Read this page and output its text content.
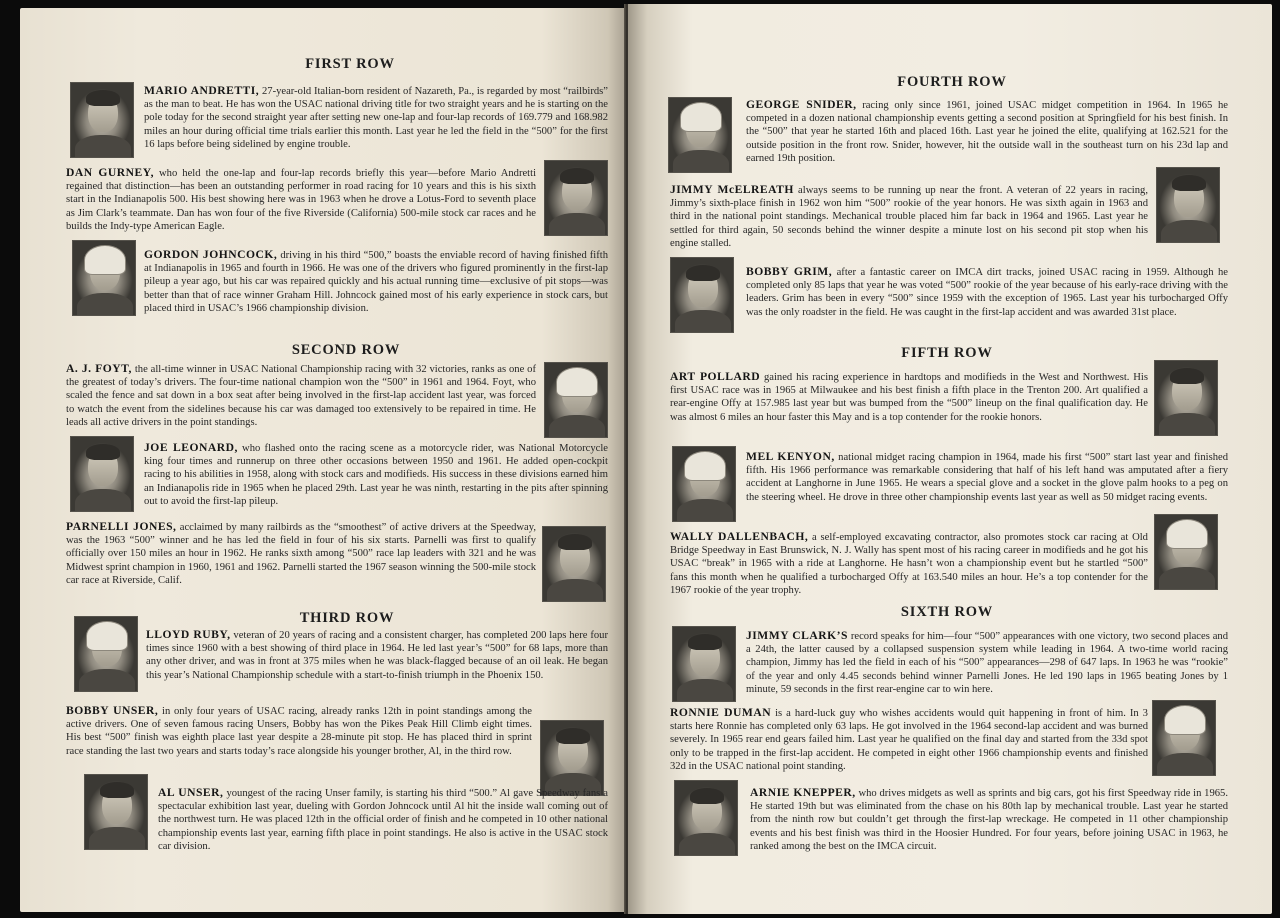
FIRST ROW
MARIO ANDRETTI, 27-year-old Italian-born resident of Nazareth, Pa., is regarded by most “railbirds” as the man to beat. He has won the USAC national driving title for two straight years and he is starting on the pole today for the second straight year after setting new one-lap and four-lap records of 169.779 and 168.982 miles an hour during official time trials earlier this month. Last year he led the field in the “500” for the first 16 laps before being sidelined by engine trouble.
DAN GURNEY, who held the one-lap and four-lap records briefly this year—before Mario Andretti regained that distinction—has been an outstanding performer in road racing for 10 years and this is his sixth start in the Indianapolis 500. His best showing here was in 1963 when he drove a Lotus-Ford to seventh place as Jim Clark’s teammate. Dan has won four of the five Riverside (California) 500-mile stock car races and he builds the Indy-type American Eagle.
GORDON JOHNCOCK, driving in his third “500,” boasts the enviable record of having finished fifth at Indianapolis in 1965 and fourth in 1966. He was one of the drivers who figured prominently in the first-lap pileup a year ago, but his car was repaired quickly and his actual running time—exclusive of pit stops—was better than that of race winner Graham Hill. Johncock gained most of his early experience in stock cars, but placed third in USAC’s 1966 championship division.
SECOND ROW
A. J. FOYT, the all-time winner in USAC National Championship racing with 32 victories, ranks as one of the greatest of today’s drivers. The four-time national champion won the “500” in 1961 and 1964. Foyt, who scaled the fence and sat down in a box seat after being involved in the first-lap accident last year, was forced to watch the event from the sidelines because his car was damaged too extensively to be repaired in time. He leads all active drivers in the point standings.
JOE LEONARD, who flashed onto the racing scene as a motorcycle rider, was National Motorcycle king four times and runnerup on three other occasions between 1950 and 1961. He added open-cockpit racing to his abilities in 1958, along with stock cars and modifieds. His success in these divisions earned him an Indianapolis ride in 1965 when he placed 29th. Last year he was ninth, restarting in the pits after spinning out to avoid the first-lap pileup.
PARNELLI JONES, acclaimed by many railbirds as the “smoothest” of active drivers at the Speedway, was the 1963 “500” winner and he has led the field in four of his six starts. Parnelli was first to qualify officially over 150 miles an hour in 1962. He ranks sixth among “500” race lap leaders with 321 and he was Midwest sprint champion in 1960, 1961 and 1962. Parnelli started the 1967 season winning the 500-mile stock car race at Riverside, Calif.
THIRD ROW
LLOYD RUBY, veteran of 20 years of racing and a consistent charger, has completed 200 laps here four times since 1960 with a best showing of third place in 1964. He led last year’s “500” for 68 laps, more than any other driver, and was in front at 375 miles when he was black-flagged because of an oil leak. He began this year’s National Championship schedule with a start-to-finish triumph in the Phoenix 150.
BOBBY UNSER, in only four years of USAC racing, already ranks 12th in point standings among the active drivers. One of seven famous racing Unsers, Bobby has won the Pikes Peak Hill Climb eight times. His best “500” finish was eighth place last year despite a 28-minute pit stop. He has placed third in sprint race standing the last two years and starts today’s race alongside his younger brother, Al, in the third row.
AL UNSER, youngest of the racing Unser family, is starting his third “500.” Al gave Speedway fans a spectacular exhibition last year, dueling with Gordon Johncock until Al hit the inside wall coming out of the northwest turn. He was placed 12th in the official order of finish and he competed in 10 other national championship events last year, earning fifth place in point standings. He also is active in the USAC stock car division.
FOURTH ROW
GEORGE SNIDER, racing only since 1961, joined USAC midget competition in 1964. In 1965 he competed in a dozen national championship events getting a second position at Springfield for his best finish. In the “500” that year he started 16th and placed 16th. Last year he joined the elite, qualifying at 162.521 for the outside position in the front row. Snider, however, hit the outside wall in the southeast turn on his 23d lap and earned 19th position.
JIMMY McELREATH always seems to be running up near the front. A veteran of 22 years in racing, Jimmy’s sixth-place finish in 1962 won him “500” rookie of the year honors. He was sixth again in 1963 and third in the national point standings. Mechanical trouble placed him far back in 1964 and 1965. Last year he settled for third again, 50 seconds behind the winner despite a minute lost on his second pit stop when his engine stalled.
BOBBY GRIM, after a fantastic career on IMCA dirt tracks, joined USAC racing in 1959. Although he completed only 85 laps that year he was voted “500” rookie of the year because of his early-race driving with the leaders. Grim has been in every “500” since 1959 with the exception of 1965. Last year his turbocharged Offy was the only roadster in the field. He was caught in the first-lap accident and was awarded 31st place.
FIFTH ROW
ART POLLARD gained his racing experience in hardtops and modifieds in the West and Northwest. His first USAC race was in 1965 at Milwaukee and his best finish a fifth place in the Trenton 200. Art qualified a rear-engine Offy at 157.985 last year but was bumped from the “500” lineup on the final qualification day. He was almost 6 miles an hour faster this May and is a top contender for the rookie honors.
MEL KENYON, national midget racing champion in 1964, made his first “500” start last year and finished fifth. His 1966 performance was remarkable considering that half of his left hand was amputated after a fiery accident at Langhorne in June 1965. He wears a special glove and a socket in the glove palm hooks to a peg on the steering wheel. He drove in three other championship events last year as well as 50 midget racing events.
WALLY DALLENBACH, a self-employed excavating contractor, also promotes stock car racing at Old Bridge Speedway in East Brunswick, N. J. Wally has spent most of his racing career in modifieds and he got his USAC “break” in 1965 with a ride at Langhorne. He hasn’t won a championship event but he startled “500” fans this month when he qualified a turbocharged Offy at 163.540 miles an hour. He’s a top contender for the 1967 rookie of the year trophy.
SIXTH ROW
JIMMY CLARK’S record speaks for him—four “500” appearances with one victory, two second places and a 24th, the latter caused by a collapsed suspension system while leading in 1964. A two-time world racing champion, Jimmy has led the field in each of his “500” appearances—298 of 647 laps. In 1963 he was “rookie” of the year and only 4.45 seconds behind winner Parnelli Jones. He led 190 laps in 1965 beating Jones by 1 minute, 59 seconds in the first rear-engine car to win here.
RONNIE DUMAN is a hard-luck guy who wishes accidents would quit happening in front of him. In 3 starts here Ronnie has completed only 63 laps. He got involved in the 1964 second-lap accident and was burned severely. In 1965 rear end gears failed him. Last year he qualified on the final day and started from the 33d spot only to be trapped in the first-lap accident. He competed in eight other 1966 championship events and finished 32d in the USAC national point standing.
ARNIE KNEPPER, who drives midgets as well as sprints and big cars, got his first Speedway ride in 1965. He started 19th but was eliminated from the chase on his 80th lap by mechanical trouble. Last year he started from the ninth row but couldn’t get through the first-lap wreckage. He competed in 11 other championship events and his best finish was third in the Hoosier Hundred. For four years, before joining USAC in 1963, he ranked among the best on the IMCA circuit.
